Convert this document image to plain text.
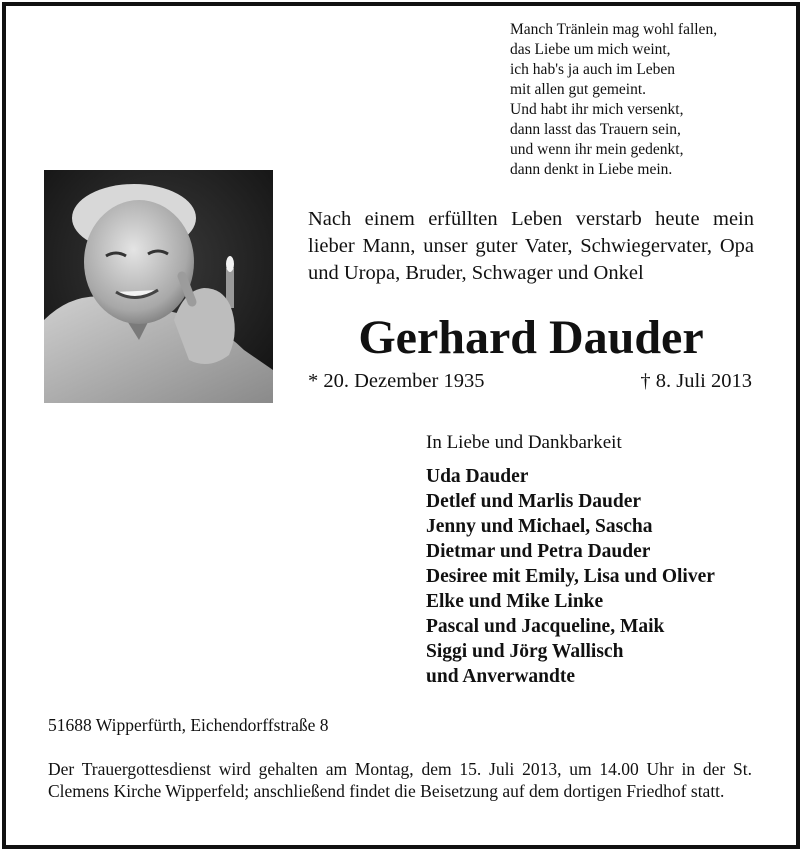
Manch Tränlein mag wohl fallen,
das Liebe um mich weint,
ich hab's ja auch im Leben
mit allen gut gemeint.
Und habt ihr mich versenkt,
dann lasst das Trauern sein,
und wenn ihr mein gedenkt,
dann denkt in Liebe mein.
Nach einem erfüllten Leben verstarb heute mein lieber Mann, unser guter Vater, Schwiegervater, Opa und Uropa, Bruder, Schwager und Onkel
Gerhard Dauder
* 20. Dezember 1935	† 8. Juli 2013
In Liebe und Dankbarkeit
Uda Dauder
Detlef und Marlis Dauder
Jenny und Michael, Sascha
Dietmar und Petra Dauder
Desiree mit Emily, Lisa und Oliver
Elke und Mike Linke
Pascal und Jacqueline, Maik
Siggi und Jörg Wallisch
und Anverwandte
51688 Wipperfürth, Eichendorffstraße 8
Der Trauergottesdienst wird gehalten am Montag, dem 15. Juli 2013, um 14.00 Uhr in der St. Clemens Kirche Wipperfeld; anschließend findet die Beisetzung auf dem dortigen Friedhof statt.
